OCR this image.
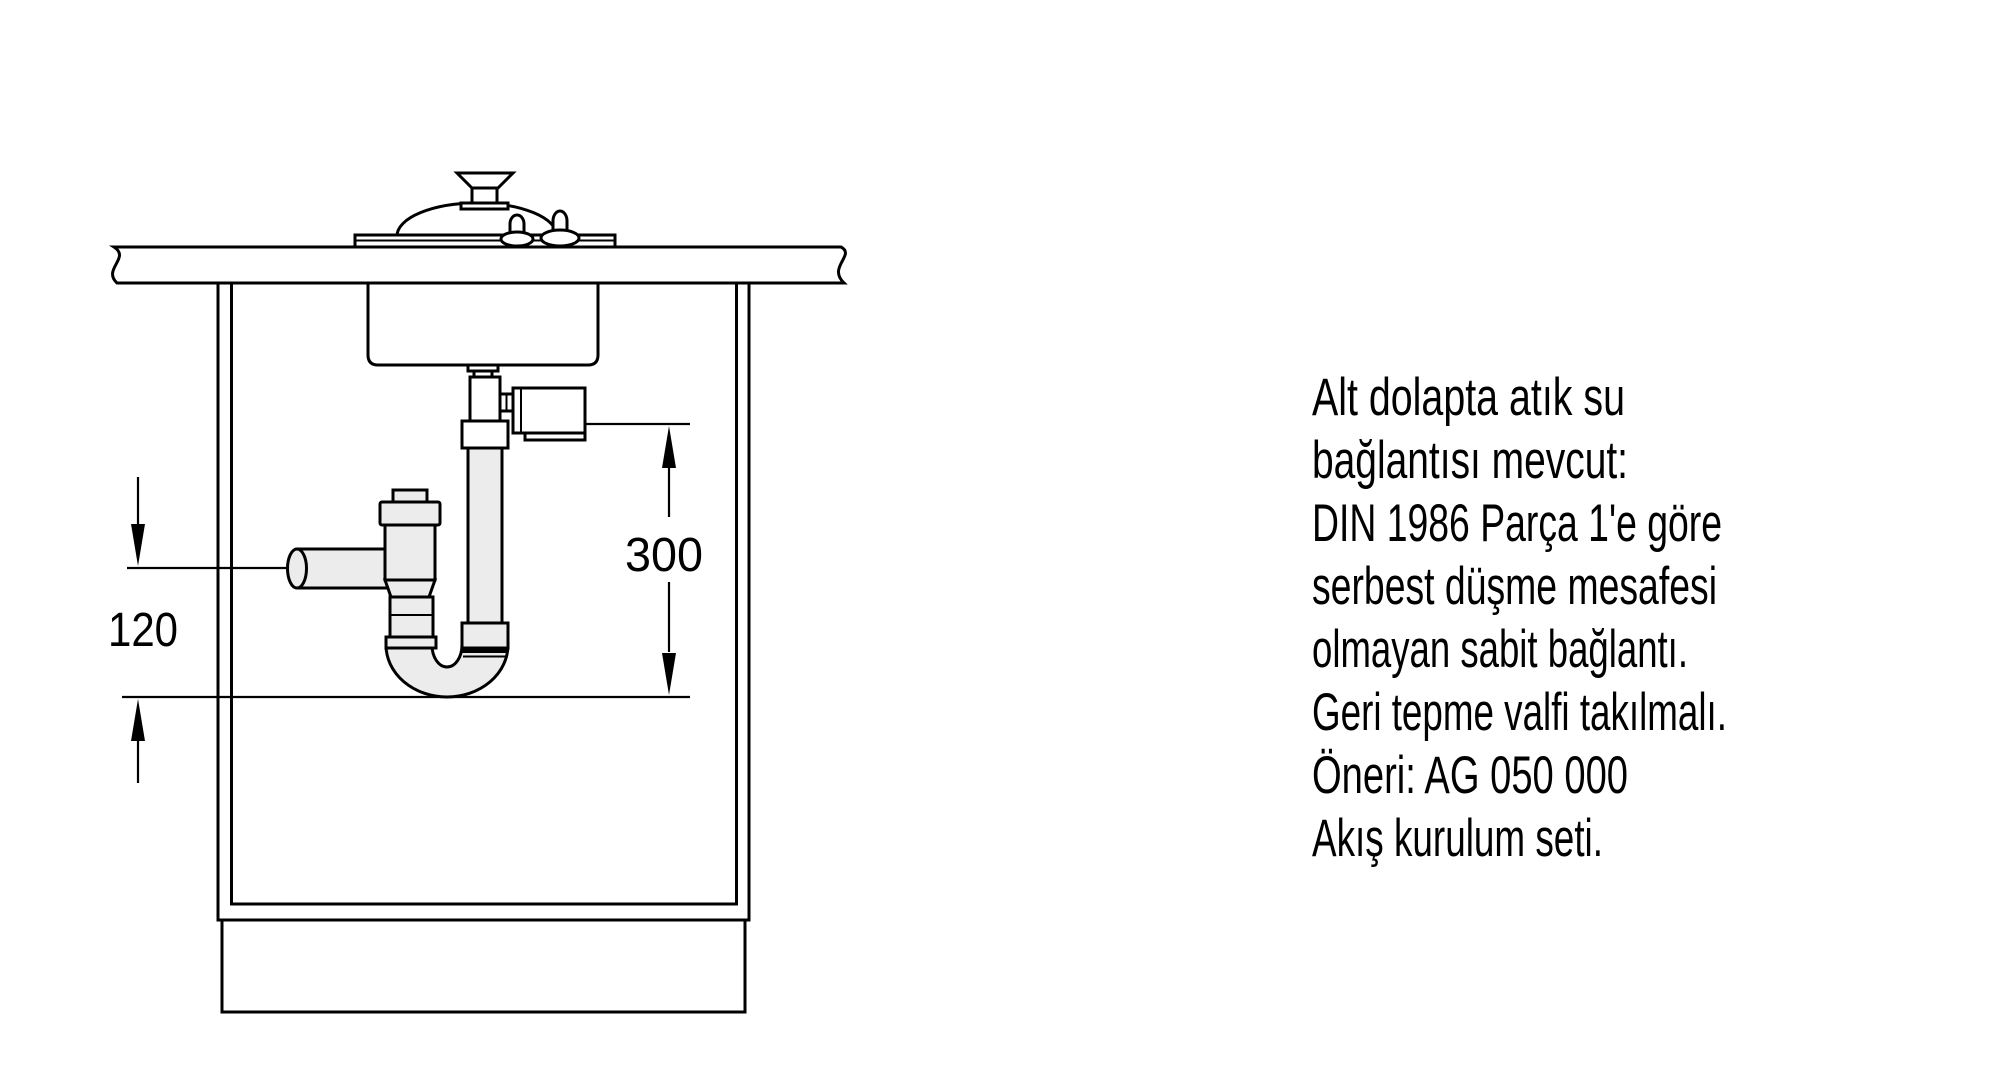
120
300
Alt dolapta atık su
bağlantısı mevcut:
DIN 1986 Parça 1'e göre
serbest düşme mesafesi
olmayan sabit bağlantı.
Geri tepme valfi takılmalı.
Öneri: AG 050 000
Akış kurulum seti.
